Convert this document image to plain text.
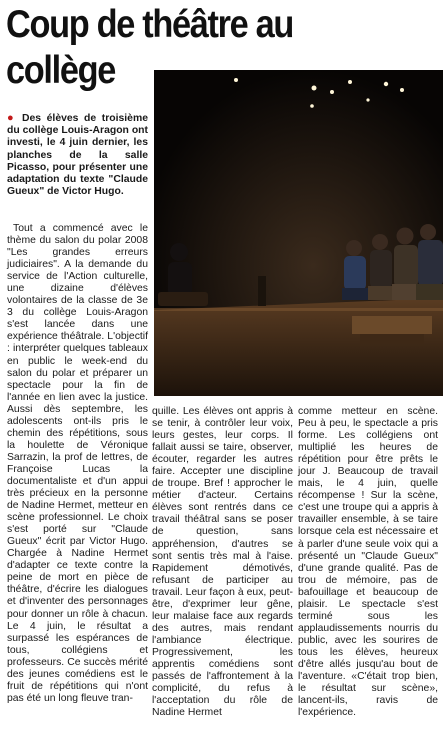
Coup de théâtre au
collège
● Des élèves de troisième du collège Louis-Aragon ont investi, le 4 juin dernier, les planches de la salle Picasso, pour présenter une adaptation du texte "Claude Gueux" de Victor Hugo.

Tout a commencé avec le thème du salon du polar 2008 "Les grandes erreurs judiciaires". A la demande du service de l'Action culturelle, une dizaine d'élèves volontaires de la classe de 3e 3 du collège Louis-Aragon s'est lancée dans une expérience théâtrale. L'objectif : interpréter quelques tableaux en public le week-end du salon du polar et préparer un spectacle pour la fin de l'année en lien avec la justice. Aussi dès septembre, les adolescents ont-ils pris le chemin des répétitions, sous la houlette de Véronique Sarrazin, la prof de lettres, de Françoise Lucas la documentaliste et d'un appui très précieux en la personne de Nadine Hermet, metteur en scène professionnel. Le choix s'est porté sur "Claude Gueux" écrit par Victor Hugo. Chargée à Nadine Hermet d'adapter ce texte contre la peine de mort en pièce de théâtre, d'écrire les dialogues et d'inventer des personnages pour donner un rôle à chacun. Le 4 juin, le résultat a surpassé les espérances de tous, collégiens et professeurs. Ce succès mérité des jeunes comédiens est le fruit de répétitions qui n'ont pas été un long fleuve tran-

quille. Les élèves ont appris à se tenir, à contrôler leur voix, leurs gestes, leur corps. Il fallait aussi se taire, observer, écouter, regarder les autres faire. Accepter une discipline de troupe. Bref ! approcher le métier d'acteur. Certains élèves sont rentrés dans ce travail théâtral sans se poser de question, sans appréhension, d'autres se sont sentis très mal à l'aise. Rapidement démotivés, refusant de participer au travail. Leur façon à eux, peut-être, d'exprimer leur gêne, leur malaise face aux regards des autres, mais rendant l'ambiance électrique. Progressivement, les apprentis comédiens sont passés de l'affrontement à la complicité, du refus à l'acceptation du rôle de Nadine Hermet

comme metteur en scène. Peu à peu, le spectacle a pris forme. Les collégiens ont multiplié les heures de répétition pour être prêts le jour J. Beaucoup de travail mais, le 4 juin, quelle récompense ! Sur la scène, c'est une troupe qui a appris à travailler ensemble, à se taire lorsque cela est nécessaire et à parler d'une seule voix qui a présenté un "Claude Gueux" d'une grande qualité. Pas de trou de mémoire, pas de bafouillage et beaucoup de plaisir. Le spectacle s'est terminé sous les applaudissements nourris du public, avec les sourires de tous les élèves, heureux d'être allés jusqu'au bout de l'aventure. «C'était trop bien, le résultat sur scène», lancent-ils, ravis de l'expérience.
